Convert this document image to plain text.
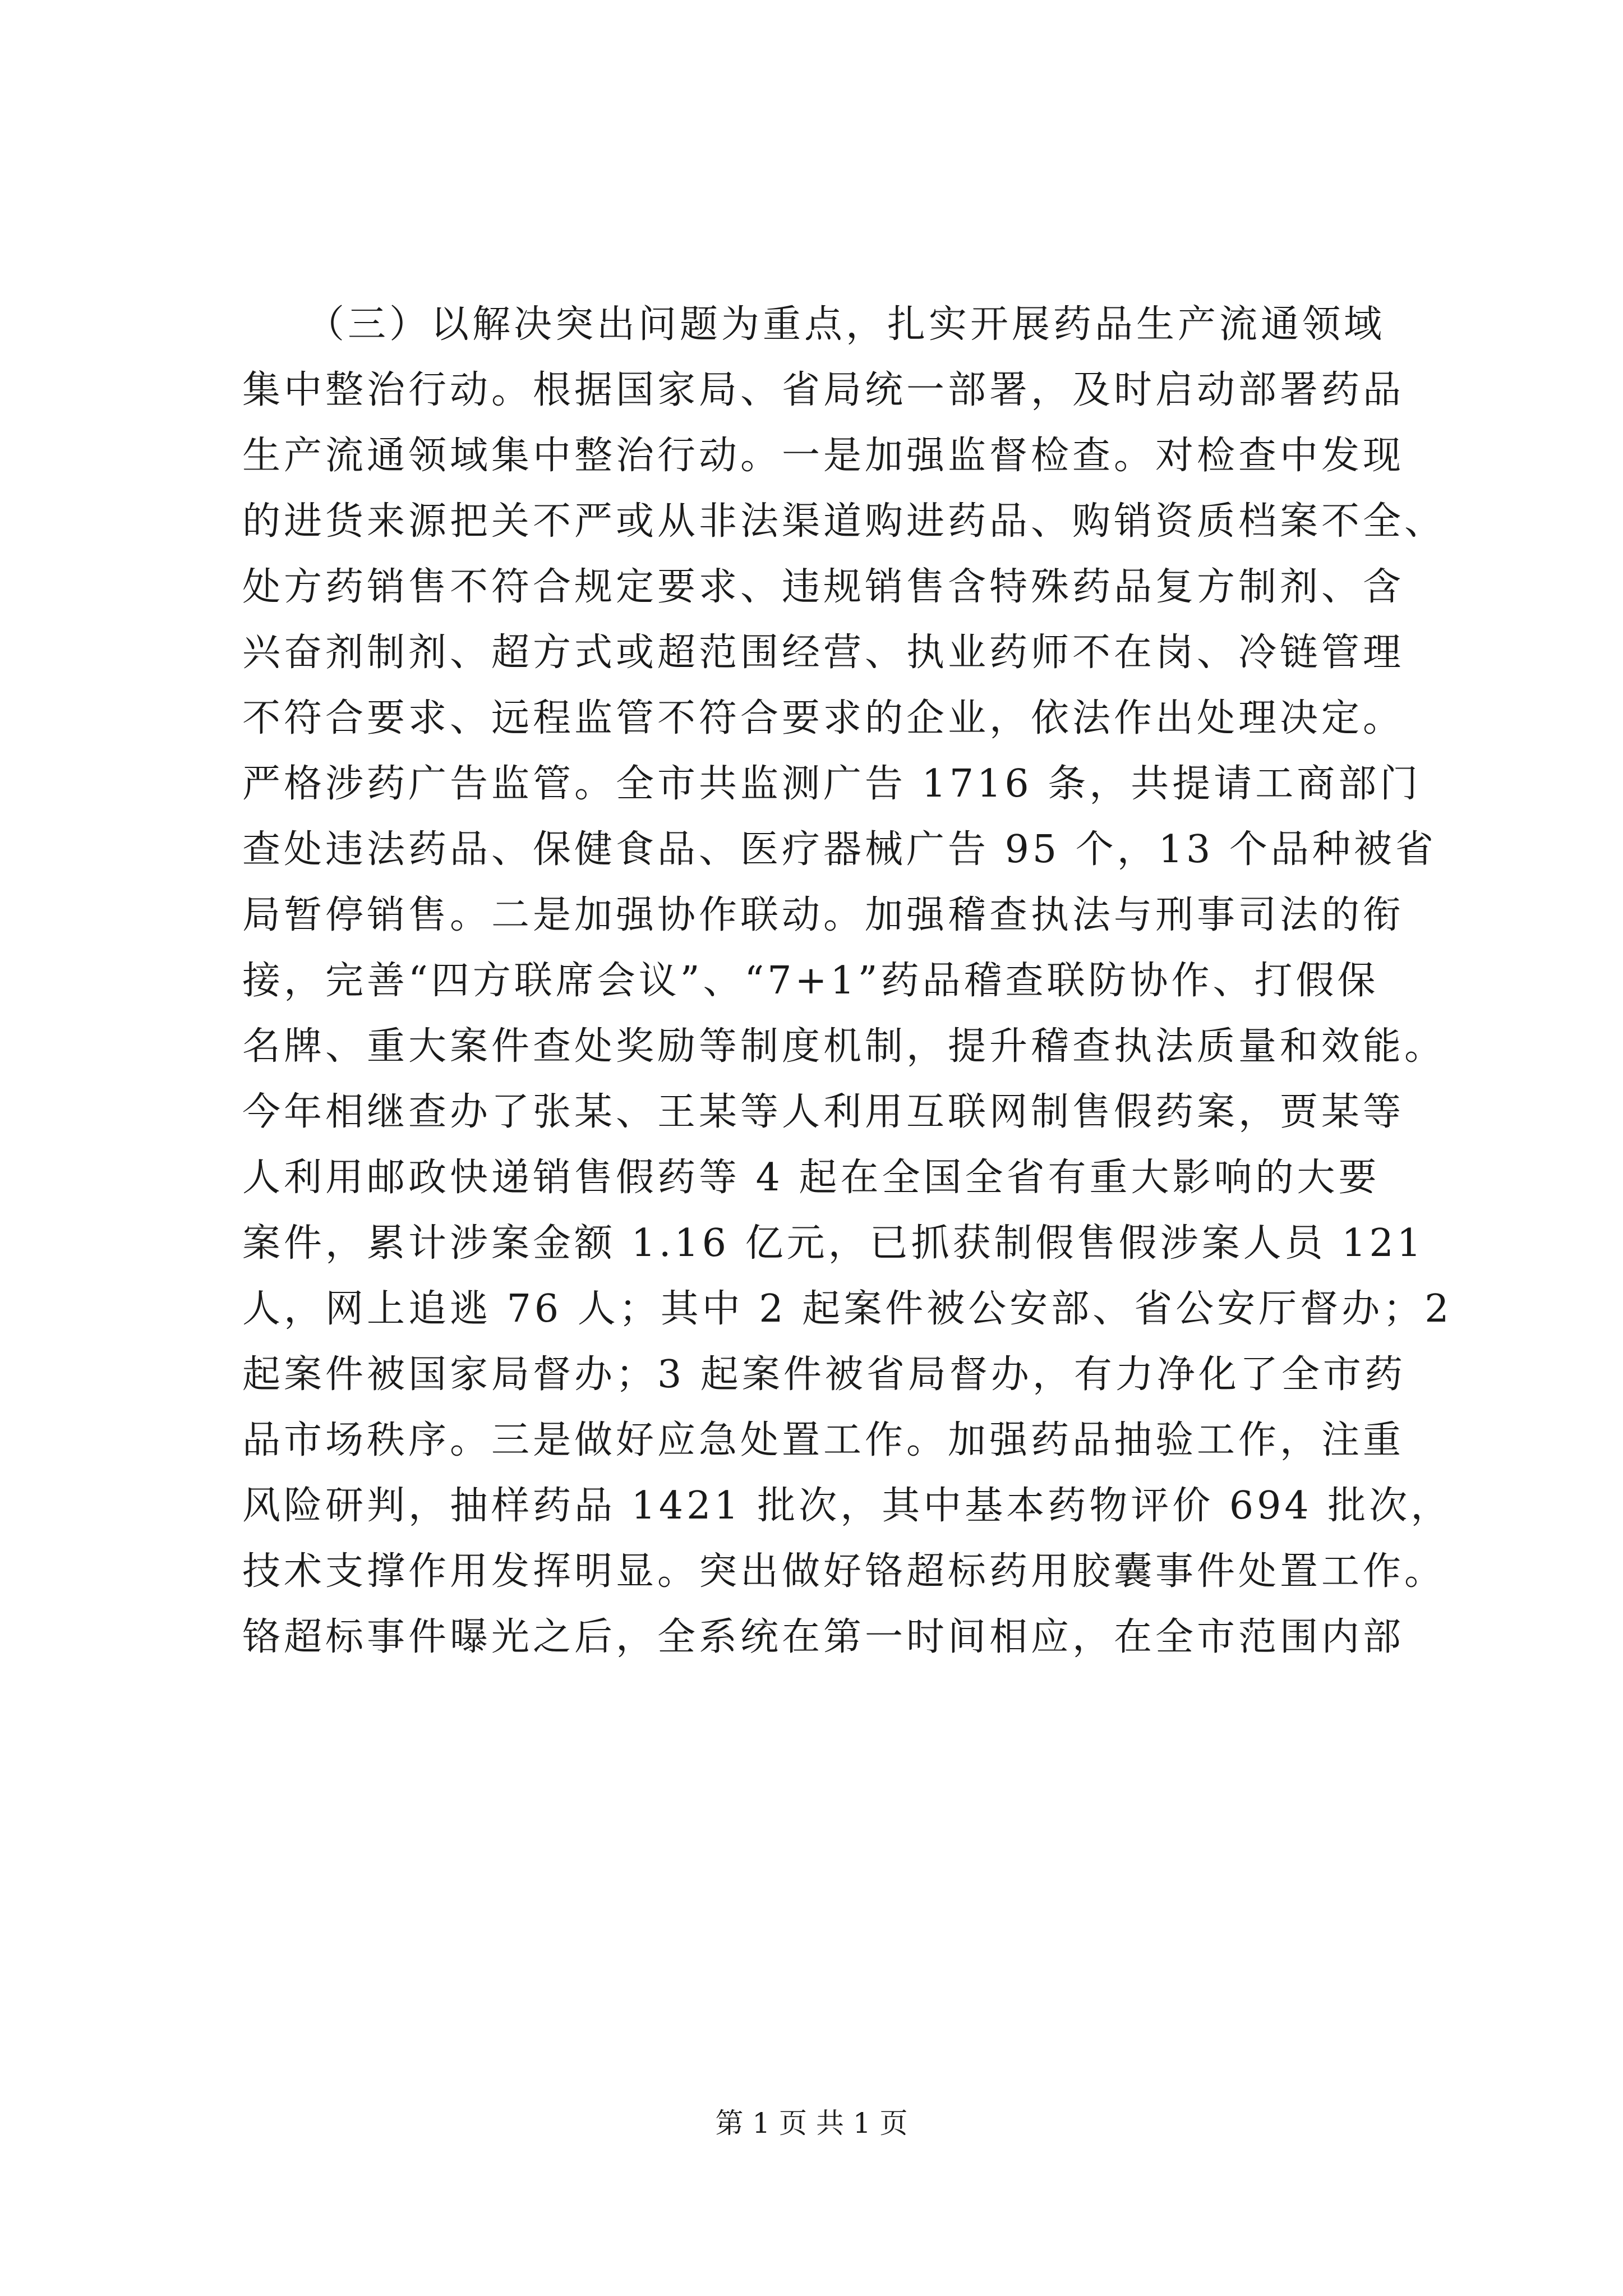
　　（三）以解决突出问题为重点，扎实开展药品生产流通领域
集中整治行动。根据国家局、省局统一部署，及时启动部署药品
生产流通领域集中整治行动。一是加强监督检查。对检查中发现
的进货来源把关不严或从非法渠道购进药品、购销资质档案不全、
处方药销售不符合规定要求、违规销售含特殊药品复方制剂、含
兴奋剂制剂、超方式或超范围经营、执业药师不在岗、冷链管理
不符合要求、远程监管不符合要求的企业，依法作出处理决定。
严格涉药广告监管。全市共监测广告 1716 条，共提请工商部门
查处违法药品、保健食品、医疗器械广告 95 个，13 个品种被省
局暂停销售。二是加强协作联动。加强稽查执法与刑事司法的衔
接，完善“四方联席会议”、“7+1”药品稽查联防协作、打假保
名牌、重大案件查处奖励等制度机制，提升稽查执法质量和效能。
今年相继查办了张某、王某等人利用互联网制售假药案，贾某等
人利用邮政快递销售假药等 4 起在全国全省有重大影响的大要
案件，累计涉案金额 1.16 亿元，已抓获制假售假涉案人员 121
人，网上追逃 76 人；其中 2 起案件被公安部、省公安厅督办；2
起案件被国家局督办；3 起案件被省局督办，有力净化了全市药
品市场秩序。三是做好应急处置工作。加强药品抽验工作，注重
风险研判，抽样药品 1421 批次，其中基本药物评价 694 批次，
技术支撑作用发挥明显。突出做好铬超标药用胶囊事件处置工作。
铬超标事件曝光之后，全系统在第一时间相应，在全市范围内部
第 1 页 共 1 页
